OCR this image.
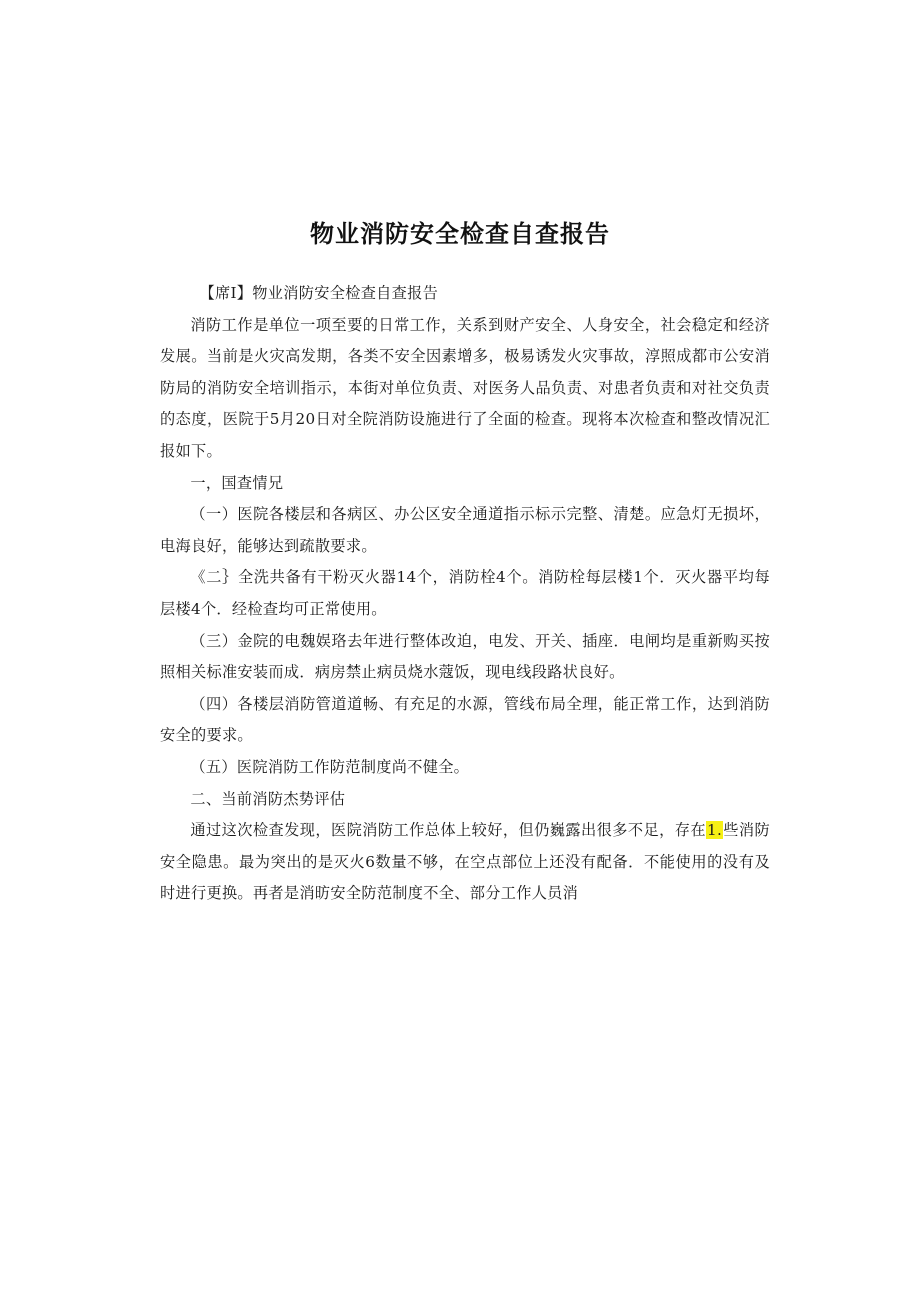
物业消防安全检查自查报告

【席I】物业消防安全检查自查报告

消防工作是单位一项至要的日常工作，关系到财产安全、人身安全，社会稳定和经济发展。当前是火灾高发期，各类不安全因素增多，极易诱发火灾事故，淳照成都市公安消防局的消防安全培训指示，本街对单位负责、对医务人品负责、对患者负责和对社交负责的态度，医院于5月20日对全院消防设施进行了全面的检查。现将本次检查和整改情况汇报如下。

一，国查情兄

（一）医院各楼层和各病区、办公区安全通道指示标示完整、清楚。应急灯无损坏，电海良好，能够达到疏散要求。

《二｝全洗共备有干粉灭火器14个，消防栓4个。消防栓每层楼1个．灭火器平均每层楼4个．经检查均可正常使用。

（三）金院的电魏娱珞去年进行整体改迫，电发、开关、插座．电闸均是重新购买按照相关标准安装而成．病房禁止病员烧水蔻饭，现电线段路状良好。

（四）各楼层消防管道道畅、有充足的水源，管线布局全理，能正常工作，达到消防安全的要求。

（五）医院消防工作防范制度尚不健全。

二、当前消防杰势评估

通过这次检查发现，医院消防工作总体上较好，但仍巍露出很多不足，存在1.些消防安全隐患。最为突出的是灭火6数量不够，在空点部位上还没有配备．不能使用的没有及时进行更换。再者是消昉安全防范制度不全、部分工作人员消
